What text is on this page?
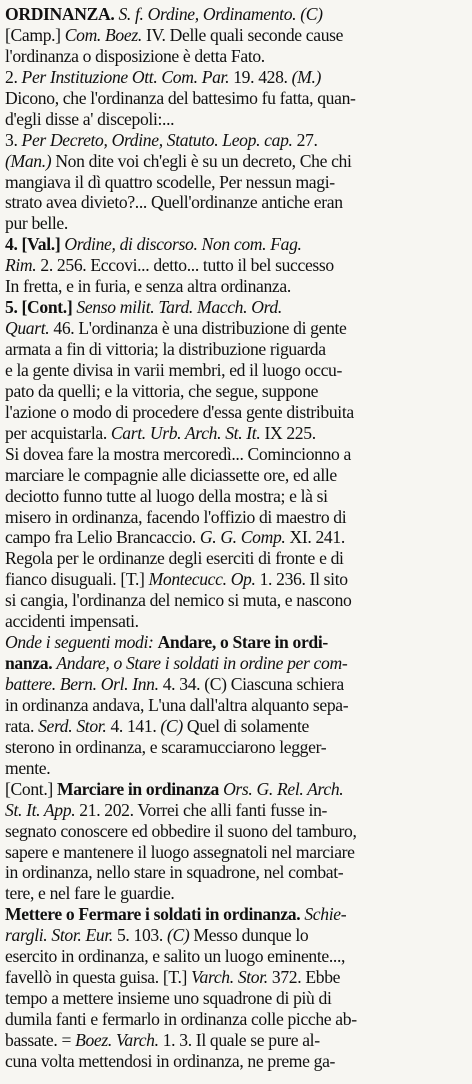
ORDINANZA. S. f. Ordine, Ordinamento. (C)
[Camp.] Com. Boez. IV. Delle quali seconde cause
l'ordinanza o disposizione è detta Fato.
2. Per Instituzione Ott. Com. Par. 19. 428. (M.)
Dicono, che l'ordinanza del battesimo fu fatta, quan-
d'egli disse a' discepoli:...
3. Per Decreto, Ordine, Statuto. Leop. cap. 27.
(Man.) Non dite voi ch'egli è su un decreto, Che chi
mangiava il dì quattro scodelle, Per nessun magi-
strato avea divieto?... Quell'ordinanze antiche eran
pur belle.
4. [Val.] Ordine, di discorso. Non com. Fag.
Rim. 2. 256. Eccovi... detto... tutto il bel successo
In fretta, e in furia, e senza altra ordinanza.
5. [Cont.] Senso milit. Tard. Macch. Ord.
Quart. 46. L'ordinanza è una distribuzione di gente
armata a fin di vittoria; la distribuzione riguarda
e la gente divisa in varii membri, ed il luogo occu-
pato da quelli; e la vittoria, che segue, suppone
l'azione o modo di procedere d'essa gente distribuita
per acquistarla. Cart. Urb. Arch. St. It. IX 225.
Si dovea fare la mostra mercoredì... Comincionno a
marciare le compagnie alle diciassette ore, ed alle
deciotto funno tutte al luogo della mostra; e là si
misero in ordinanza, facendo l'offizio di maestro di
campo fra Lelio Brancaccio. G. G. Comp. XI. 241.
Regola per le ordinanze degli eserciti di fronte e di
fianco disuguali. [T.] Montecucc. Op. 1. 236. Il sito
si cangia, l'ordinanza del nemico si muta, e nascono
accidenti impensati.
Onde i seguenti modi: Andare, o Stare in ordi-
nanza. Andare, o Stare i soldati in ordine per com-
battere. Bern. Orl. Inn. 4. 34. (C) Ciascuna schiera
in ordinanza andava, L'una dall'altra alquanto sepa-
rata. Serd. Stor. 4. 141. (C) Quel di solamente
sterono in ordinanza, e scaramucciarono legger-
mente.
[Cont.] Marciare in ordinanza Ors. G. Rel. Arch.
St. It. App. 21. 202. Vorrei che alli fanti fusse in-
segnato conoscere ed obbedire il suono del tamburo,
sapere e mantenere il luogo assegnatoli nel marciare
in ordinanza, nello stare in squadrone, nel combat-
tere, e nel fare le guardie.
Mettere o Fermare i soldati in ordinanza. Schie-
rargli. Stor. Eur. 5. 103. (C) Messo dunque lo
esercito in ordinanza, e salito un luogo eminente...,
favellò in questa guisa. [T.] Varch. Stor. 372. Ebbe
tempo a mettere insieme uno squadrone di più di
dumila fanti e fermarlo in ordinanza colle picche ab-
bassate. = Boez. Varch. 1. 3. Il quale se pure al-
cuna volta mettendosi in ordinanza, ne preme ga-
